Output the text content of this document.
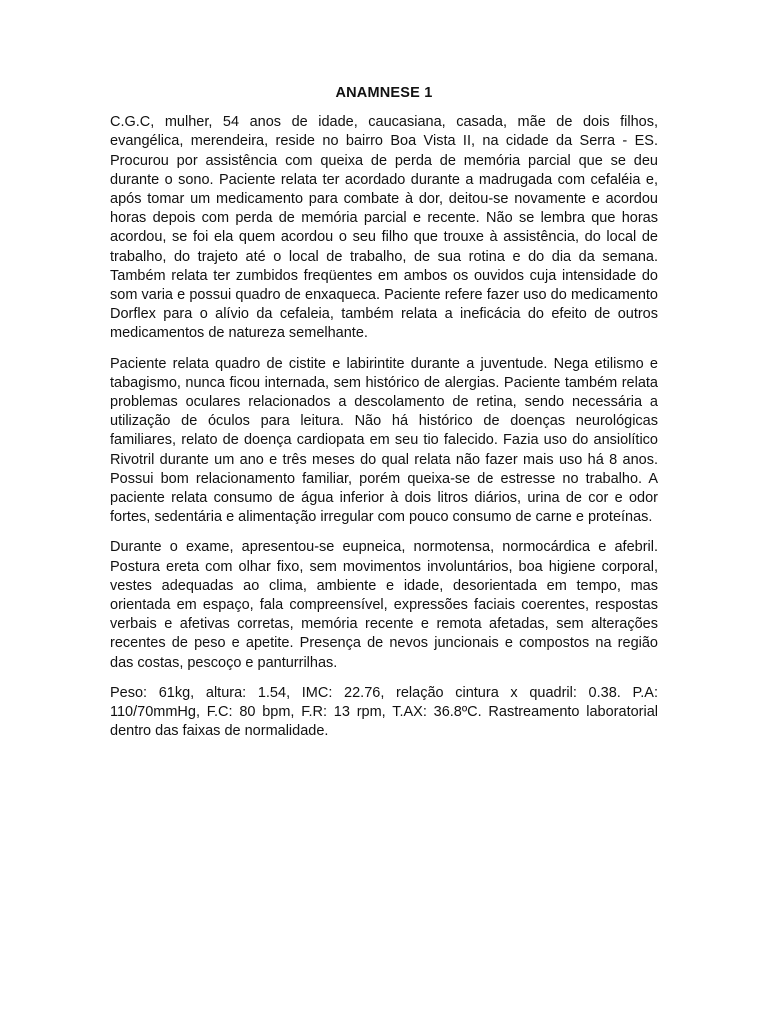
ANAMNESE 1

C.G.C, mulher, 54 anos de idade, caucasiana, casada, mãe de dois filhos, evangélica, merendeira, reside no bairro Boa Vista II, na cidade da Serra - ES. Procurou por assistência com queixa de perda de memória parcial que se deu durante o sono. Paciente relata ter acordado durante a madrugada com cefaléia e, após tomar um medicamento para combate à dor, deitou-se novamente e acordou horas depois com perda de memória parcial e recente. Não se lembra que horas acordou, se foi ela quem acordou o seu filho que trouxe à assistência, do local de trabalho, do trajeto até o local de trabalho, de sua rotina e do dia da semana. Também relata ter zumbidos freqüentes em ambos os ouvidos cuja intensidade do som varia e possui quadro de enxaqueca. Paciente refere fazer uso do medicamento Dorflex para o alívio da cefaleia, também relata a ineficácia do efeito de outros medicamentos de natureza semelhante.

Paciente relata quadro de cistite e labirintite durante a juventude. Nega etilismo e tabagismo, nunca ficou internada, sem histórico de alergias. Paciente também relata problemas oculares relacionados a descolamento de retina, sendo necessária a utilização de óculos para leitura. Não há histórico de doenças neurológicas familiares, relato de doença cardiopata em seu tio falecido. Fazia uso do ansiolítico Rivotril durante um ano e três meses do qual relata não fazer mais uso há 8 anos. Possui bom relacionamento familiar, porém queixa-se de estresse no trabalho. A paciente relata consumo de água inferior à dois litros diários, urina de cor e odor fortes, sedentária e alimentação irregular com pouco consumo de carne e proteínas.

Durante o exame, apresentou-se eupneica, normotensa, normocárdica e afebril. Postura ereta com olhar fixo, sem movimentos involuntários, boa higiene corporal, vestes adequadas ao clima, ambiente e idade, desorientada em tempo, mas orientada em espaço, fala compreensível, expressões faciais coerentes, respostas verbais e afetivas corretas, memória recente e remota afetadas, sem alterações recentes de peso e apetite. Presença de nevos juncionais e compostos na região das costas, pescoço e panturrilhas.

Peso: 61kg, altura: 1.54, IMC: 22.76, relação cintura x quadril: 0.38. P.A: 110/70mmHg, F.C: 80 bpm, F.R: 13 rpm, T.AX: 36.8ºC. Rastreamento laboratorial dentro das faixas de normalidade.
